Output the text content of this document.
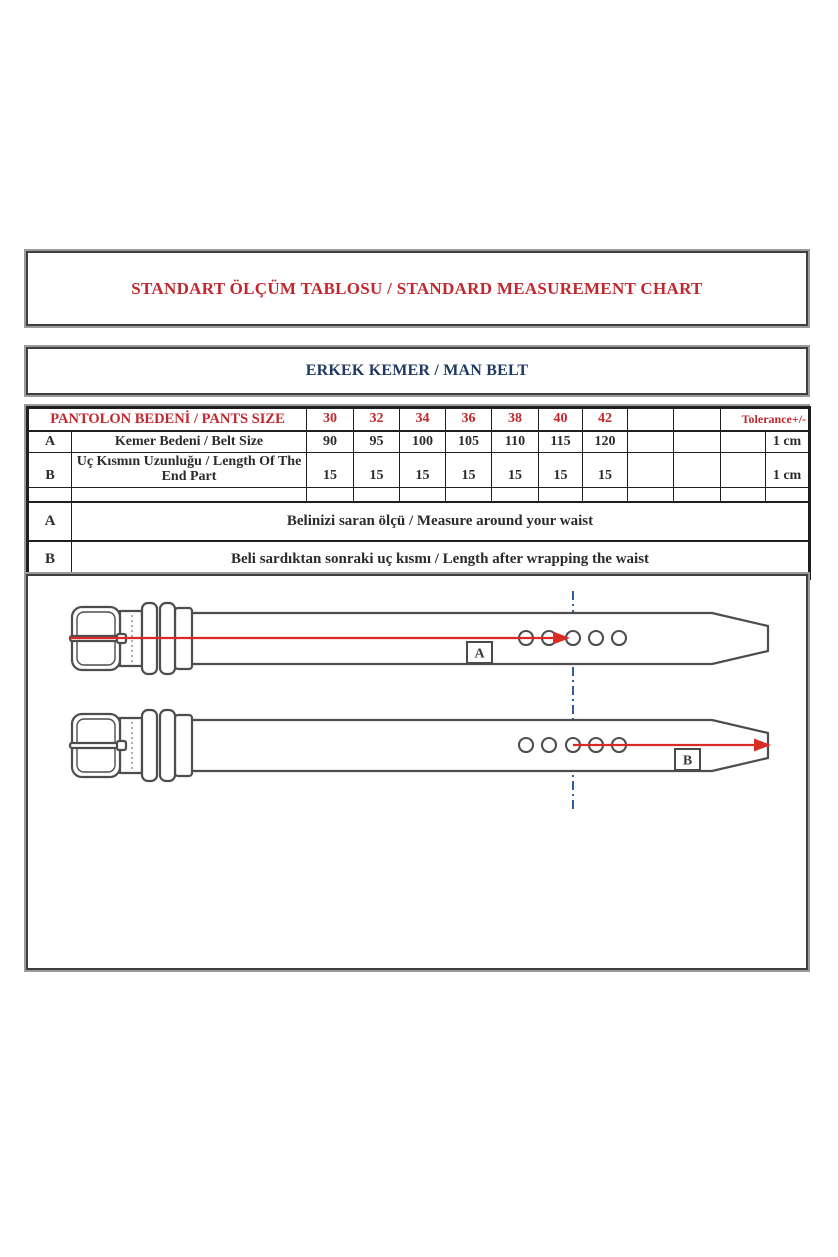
STANDART ÖLÇÜM TABLOSU / STANDARD MEASUREMENT CHART
ERKEK KEMER / MAN BELT
PANTOLON BEDENİ / PANTS SIZE		30	32	34	36	38	40	42			Tolerance+/-	
A	Kemer Bedeni / Belt Size	90	95	100	105	110	115	120				1 cm
B	Uç Kısmın Uzunluğu / Length Of The End Part	15	15	15	15	15	15	15				1 cm

A	Belinizi saran ölçü / Measure around your waist											
B	Beli sardıktan sonraki uç kısmı / Length after wrapping the waist											
A
B
